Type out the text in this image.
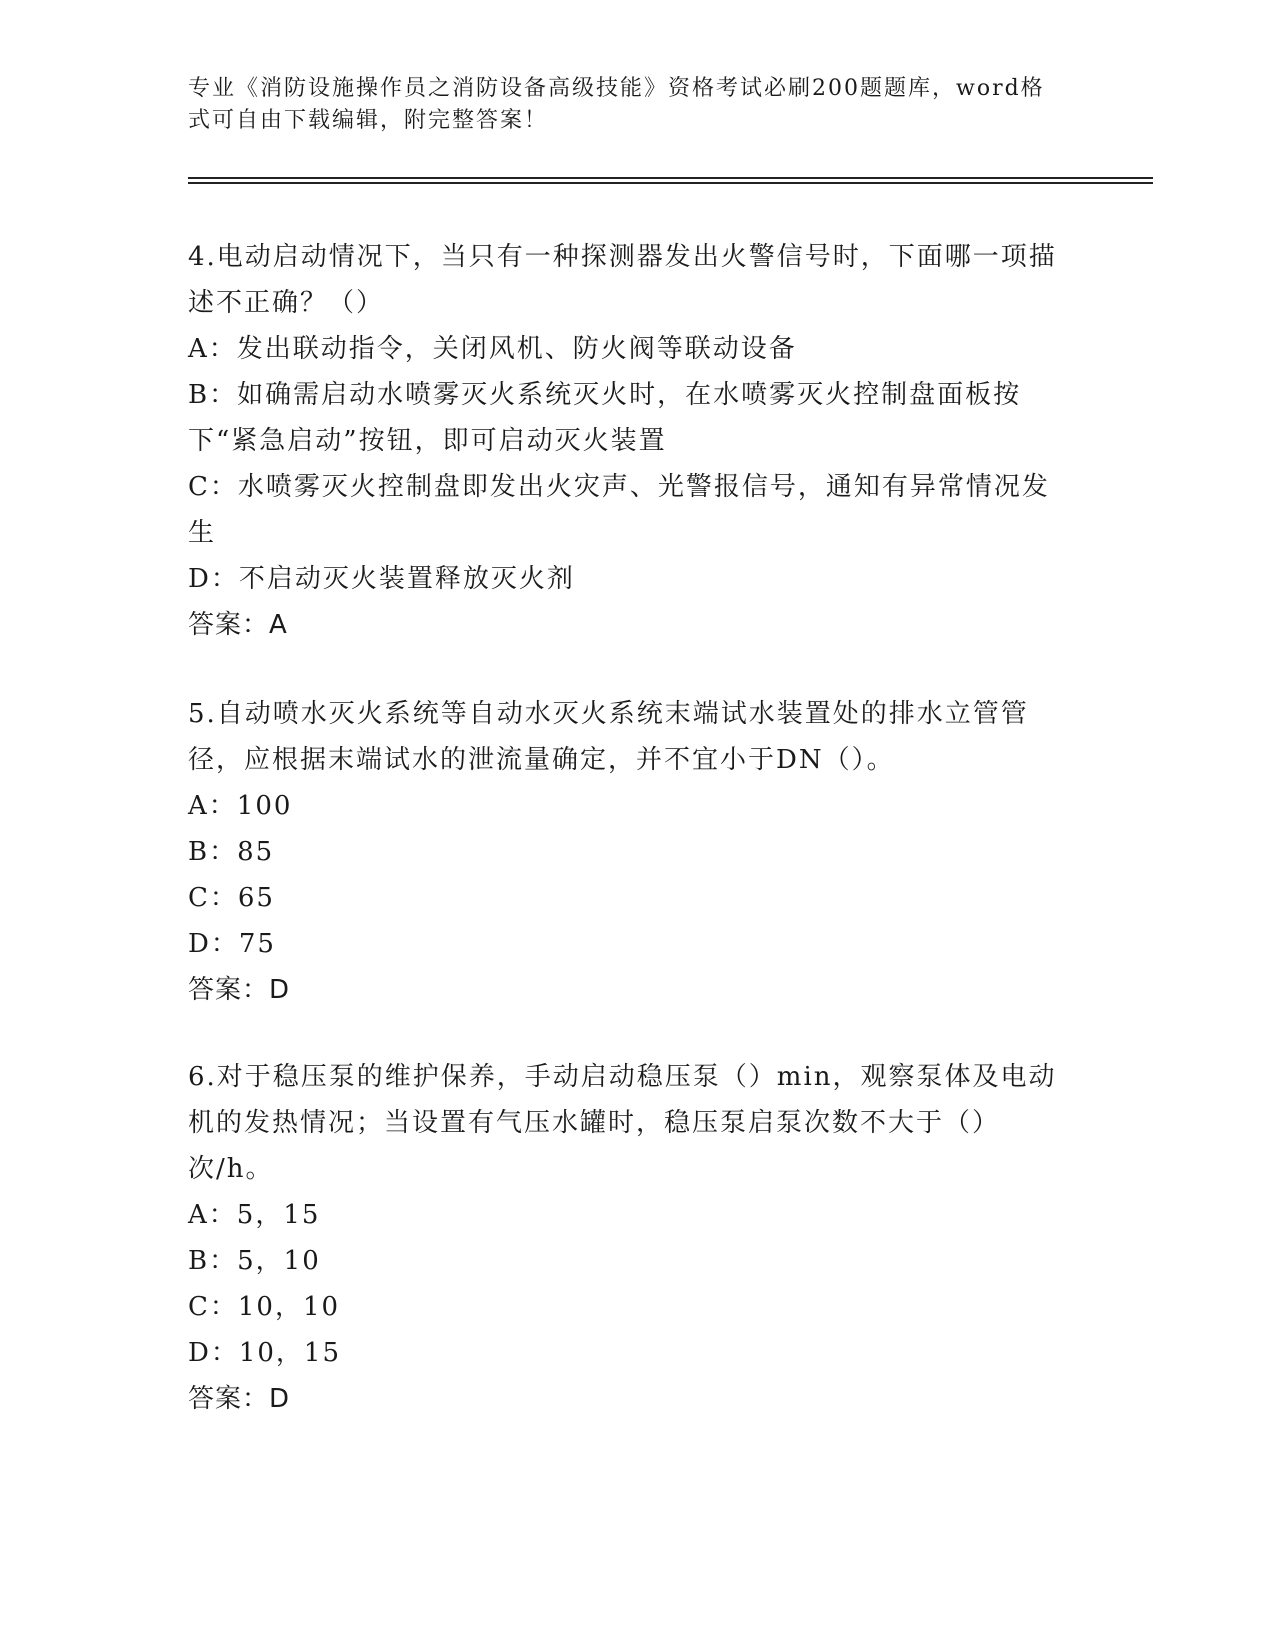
专业《消防设施操作员之消防设备高级技能》资格考试必刷200题题库，word格式可自由下载编辑，附完整答案！
4.电动启动情况下，当只有一种探测器发出火警信号时，下面哪一项描述不正确？（）
A：发出联动指令，关闭风机、防火阀等联动设备
B：如确需启动水喷雾灭火系统灭火时，在水喷雾灭火控制盘面板按下“紧急启动”按钮，即可启动灭火装置
C：水喷雾灭火控制盘即发出火灾声、光警报信号，通知有异常情况发生
D：不启动灭火装置释放灭火剂
答案：A
5.自动喷水灭火系统等自动水灭火系统末端试水装置处的排水立管管径，应根据末端试水的泄流量确定，并不宜小于DN（）。
A：100
B：85
C：65
D：75
答案：D
6.对于稳压泵的维护保养，手动启动稳压泵（）min，观察泵体及电动机的发热情况；当设置有气压水罐时，稳压泵启泵次数不大于（）次/h。
A：5，15
B：5，10
C：10，10
D：10，15
答案：D
